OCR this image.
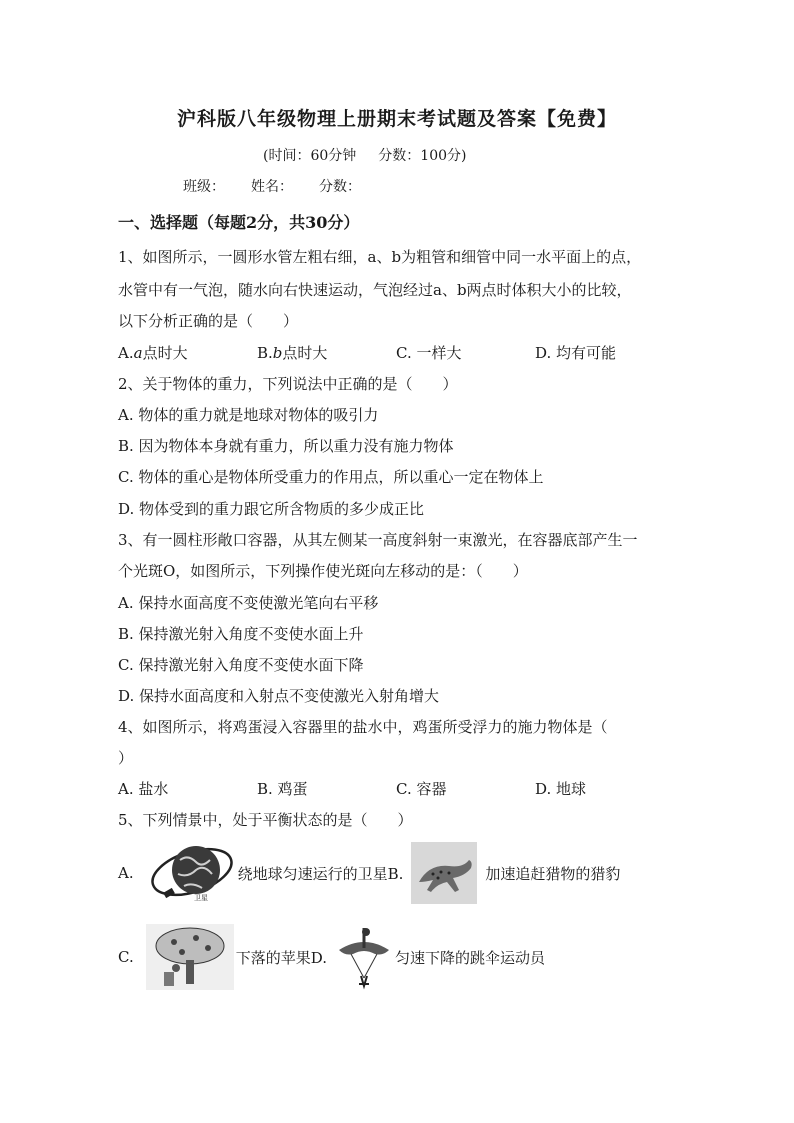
沪科版八年级物理上册期末考试题及答案【免费】
(时间：60分钟 分数：100分)
班级： 姓名： 分数：
一、选择题（每题2分，共30分）
1、如图所示，一圆形水管左粗右细，a、b为粗管和细管中同一水平面上的点，
水管中有一气泡，随水向右快速运动，气泡经过a、b两点时体积大小的比较，
以下分析正确的是（　　）
A.a点时大	B.b点时大	C. 一样大	D. 均有可能
2、关于物体的重力，下列说法中正确的是（　　）
A. 物体的重力就是地球对物体的吸引力
B. 因为物体本身就有重力，所以重力没有施力物体
C. 物体的重心是物体所受重力的作用点，所以重心一定在物体上
D. 物体受到的重力跟它所含物质的多少成正比
3、有一圆柱形敞口容器，从其左侧某一高度斜射一束激光，在容器底部产生一
个光斑O，如图所示，下列操作使光斑向左移动的是：（　　）
A. 保持水面高度不变使激光笔向右平移
B. 保持激光射入角度不变使水面上升
C. 保持激光射入角度不变使水面下降
D. 保持水面高度和入射点不变使激光入射角增大
4、如图所示，将鸡蛋浸入容器里的盐水中，鸡蛋所受浮力的施力物体是（
）
A. 盐水	B. 鸡蛋	C. 容器	D. 地球
5、下列情景中，处于平衡状态的是（　　）
A.
卫星
绕地球匀速运行的卫星B.	加速追赶猎物的猎豹
C.	下落的苹果D.	匀速下降的跳伞运动员
